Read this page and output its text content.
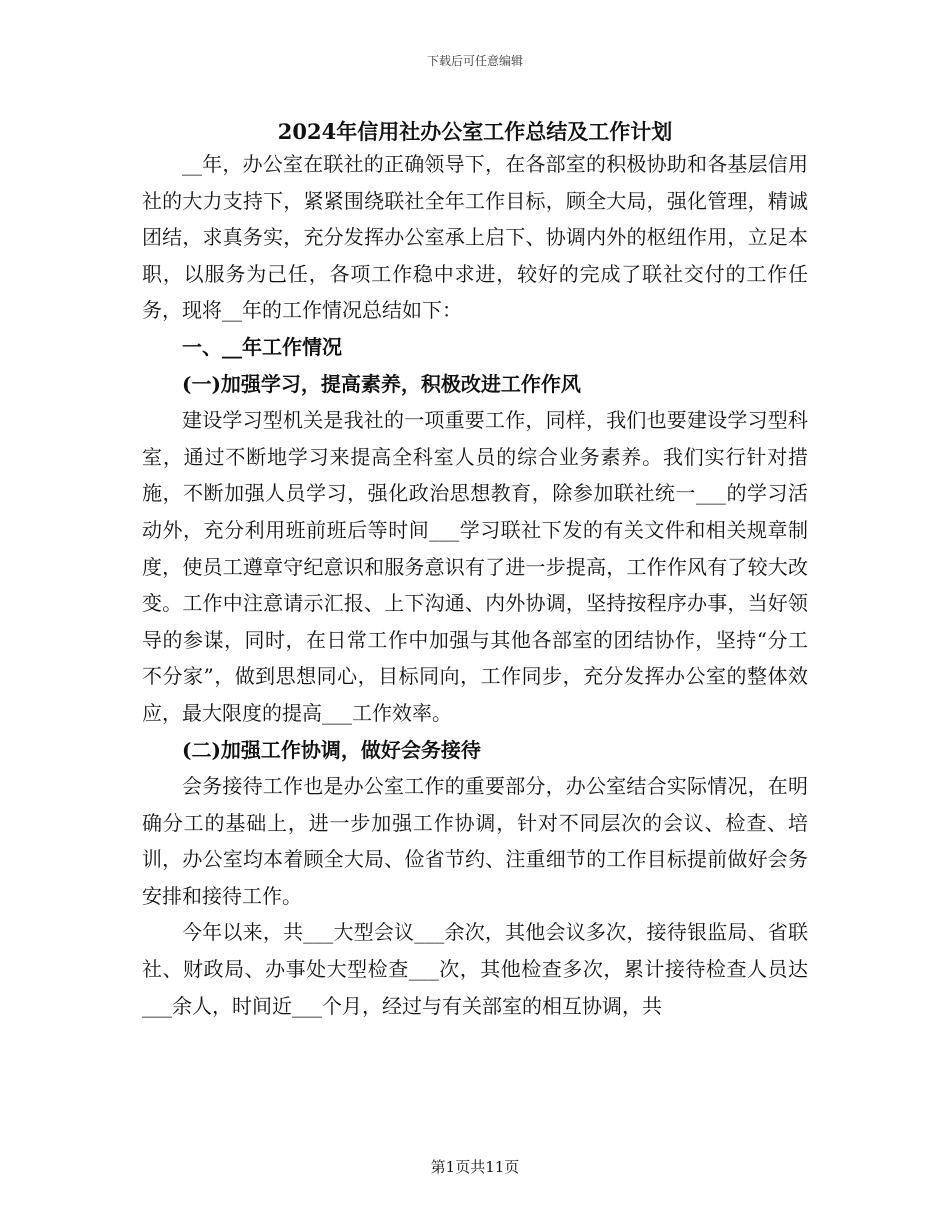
下载后可任意编辑
2024年信用社办公室工作总结及工作计划

__年，办公室在联社的正确领导下，在各部室的积极协助和各基层信用社的大力支持下，紧紧围绕联社全年工作目标，顾全大局，强化管理，精诚团结，求真务实，充分发挥办公室承上启下、协调内外的枢纽作用，立足本职，以服务为己任，各项工作稳中求进，较好的完成了联社交付的工作任务，现将__年的工作情况总结如下：

一、__年工作情况

(一)加强学习，提高素养，积极改进工作作风

建设学习型机关是我社的一项重要工作，同样，我们也要建设学习型科室，通过不断地学习来提高全科室人员的综合业务素养。我们实行针对措施，不断加强人员学习，强化政治思想教育，除参加联社统一___的学习活动外，充分利用班前班后等时间___学习联社下发的有关文件和相关规章制度，使员工遵章守纪意识和服务意识有了进一步提高，工作作风有了较大改变。工作中注意请示汇报、上下沟通、内外协调，坚持按程序办事，当好领导的参谋，同时，在日常工作中加强与其他各部室的团结协作，坚持“分工不分家”，做到思想同心，目标同向，工作同步，充分发挥办公室的整体效应，最大限度的提高___工作效率。

(二)加强工作协调，做好会务接待

会务接待工作也是办公室工作的重要部分，办公室结合实际情况，在明确分工的基础上，进一步加强工作协调，针对不同层次的会议、检查、培训，办公室均本着顾全大局、俭省节约、注重细节的工作目标提前做好会务安排和接待工作。

今年以来，共___大型会议___余次，其他会议多次，接待银监局、省联社、财政局、办事处大型检查___次，其他检查多次，累计接待检查人员达___余人，时间近___个月，经过与有关部室的相互协调，共

第1页共11页
